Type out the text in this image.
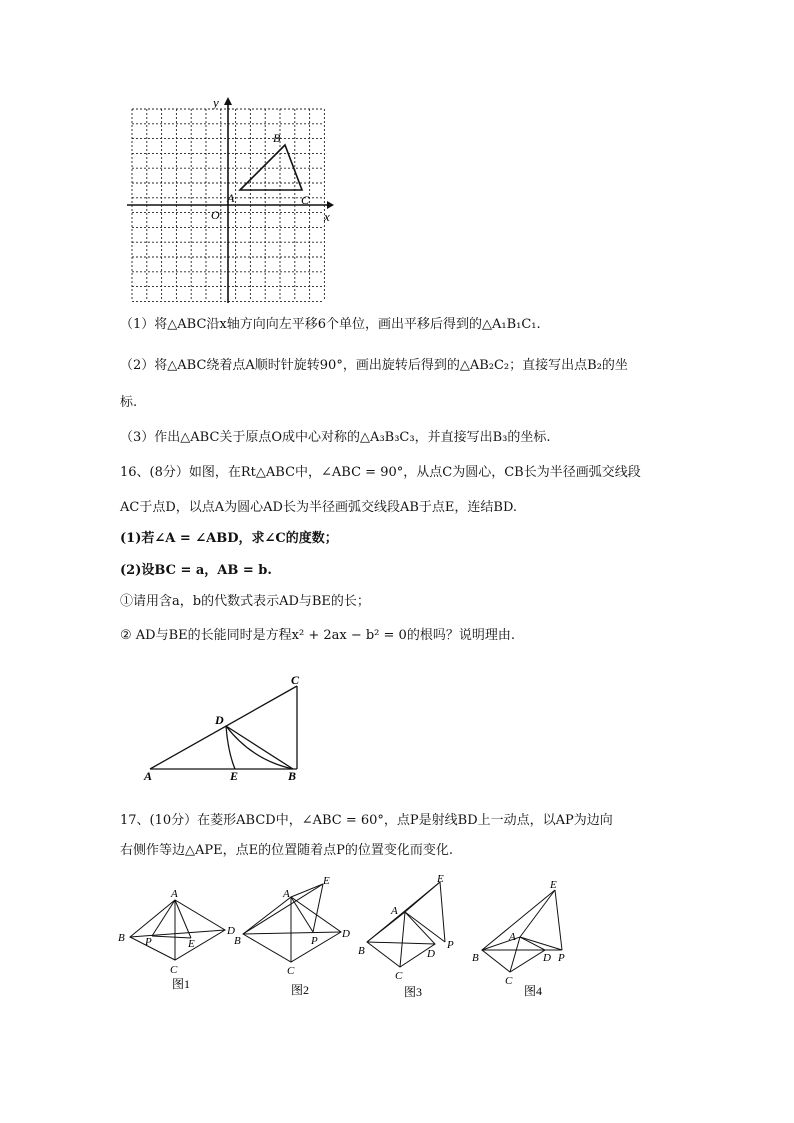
x
y
O
A
B
C
（1）将△ABC沿x轴方向向左平移6个单位，画出平移后得到的△A₁B₁C₁.
（2）将△ABC绕着点A顺时针旋转90°，画出旋转后得到的△AB₂C₂；直接写出点B₂的坐
标.
（3）作出△ABC关于原点O成中心对称的△A₃B₃C₃，并直接写出B₃的坐标.
16、(8分）如图，在Rt△ABC中，∠ABC = 90°，从点C为圆心，CB长为半径画弧交线段
AC于点D，以点A为圆心AD长为半径画弧交线段AB于点E，连结BD.
(1)若∠A = ∠ABD，求∠C的度数；
(2)设BC = a，AB = b.
①请用含a，b的代数式表示AD与BE的长；
② AD与BE的长能同时是方程x² + 2ax − b² = 0的根吗？说明理由.
C
D
A	E	B
17、(10分）在菱形ABCD中，∠ABC = 60°，点P是射线BD上一动点，以AP为边向
右侧作等边△APE，点E的位置随着点P的位置变化而变化.
A
B P	E
D
C
图1
A
E
B	P
D
C
图2
E
A
B	D
P
C
图3
E
A
B	D P
C
图4
